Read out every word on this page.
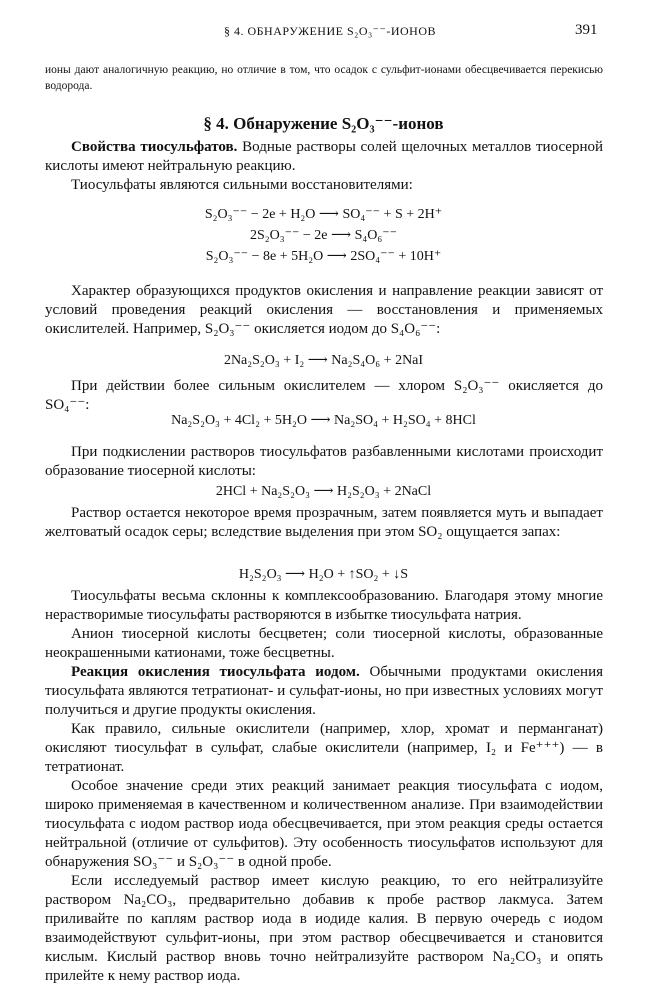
§ 4. ОБНАРУЖЕНИЕ S₂O₃⁻⁻-ИОНОВ	391
ионы дают аналогичную реакцию, но отличие в том, что осадок с сульфит-ионами обесцвечивается перекисью водорода.
§ 4. Обнаружение S₂O₃⁻⁻-ионов

Свойства тиосульфатов. Водные растворы солей щелочных металлов тиосерной кислоты имеют нейтральную реакцию.

Тиосульфаты являются сильными восстановителями:

S₂O₃⁻⁻ − 2e + H₂O ⟶ SO₄⁻⁻ + S + 2H⁺
2S₂O₃⁻⁻ − 2e ⟶ S₄O₆⁻⁻
S₂O₃⁻⁻ − 8e + 5H₂O ⟶ 2SO₄⁻⁻ + 10H⁺

Характер образующихся продуктов окисления и направление реакции зависят от условий проведения реакций окисления — восстановления и применяемых окислителей. Например, S₂O₃⁻⁻ окисляется иодом до S₄O₆⁻⁻:

2Na₂S₂O₃ + I₂ ⟶ Na₂S₄O₆ + 2NaI

При действии более сильным окислителем — хлором S₂O₃⁻⁻ окисляется до SO₄⁻⁻:

Na₂S₂O₃ + 4Cl₂ + 5H₂O ⟶ Na₂SO₄ + H₂SO₄ + 8HCl

При подкислении растворов тиосульфатов разбавленными кислотами происходит образование тиосерной кислоты:

2HCl + Na₂S₂O₃ ⟶ H₂S₂O₃ + 2NaCl

Раствор остается некоторое время прозрачным, затем появляется муть и выпадает желтоватый осадок серы; вследствие выделения при этом SO₂ ощущается запах:

H₂S₂O₃ ⟶ H₂O + ↑SO₂ + ↓S

Тиосульфаты весьма склонны к комплексообразованию. Благодаря этому многие нерастворимые тиосульфаты растворяются в избытке тиосульфата натрия.

Анион тиосерной кислоты бесцветен; соли тиосерной кислоты, образованные неокрашенными катионами, тоже бесцветны.

Реакция окисления тиосульфата иодом. Обычными продуктами окисления тиосульфата являются тетратионат- и сульфат-ионы, но при известных условиях могут получиться и другие продукты окисления.

Как правило, сильные окислители (например, хлор, хромат и перманганат) окисляют тиосульфат в сульфат, слабые окислители (например, I₂ и Fe⁺⁺⁺) — в тетратионат.

Особое значение среди этих реакций занимает реакция тиосульфата с иодом, широко применяемая в качественном и количественном анализе. При взаимодействии тиосульфата с иодом раствор иода обесцвечивается, при этом реакция среды остается нейтральной (отличие от сульфитов). Эту особенность тиосульфатов используют для обнаружения SO₃⁻⁻ и S₂O₃⁻⁻ в одной пробе.

Если исследуемый раствор имеет кислую реакцию, то его нейтрализуйте раствором Na₂CO₃, предварительно добавив к пробе раствор лакмуса. Затем приливайте по каплям раствор иода в иодиде калия. В первую очередь с иодом взаимодействуют сульфит-ионы, при этом раствор обесцвечивается и становится кислым. Кислый раствор вновь точно нейтрализуйте раствором Na₂CO₃ и опять прилейте к нему раствор иода.
